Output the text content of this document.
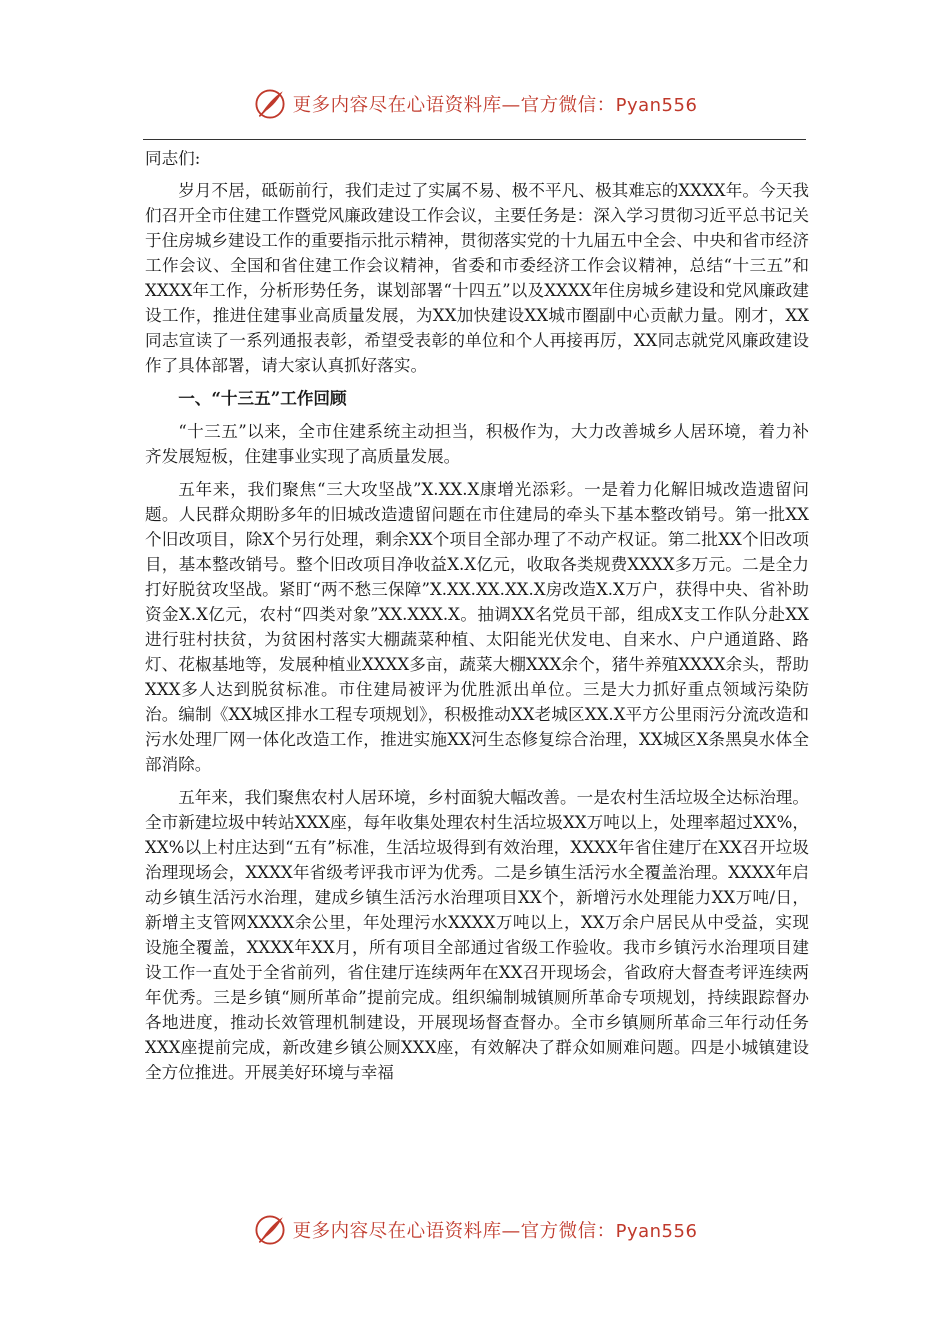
更多内容尽在心语资料库—官方微信：Pyan556

同志们:

岁月不居，砥砺前行，我们走过了实属不易、极不平凡、极其难忘的XXXX年。今天我们召开全市住建工作暨党风廉政建设工作会议，主要任务是：深入学习贯彻习近平总书记关于住房城乡建设工作的重要指示批示精神，贯彻落实党的十九届五中全会、中央和省市经济工作会议、全国和省住建工作会议精神，省委和市委经济工作会议精神，总结“十三五”和XXXX年工作，分析形势任务，谋划部署“十四五”以及XXXX年住房城乡建设和党风廉政建设工作，推进住建事业高质量发展，为XX加快建设XX城市圈副中心贡献力量。刚才，XX同志宣读了一系列通报表彰，希望受表彰的单位和个人再接再厉，XX同志就党风廉政建设作了具体部署，请大家认真抓好落实。

一、“十三五”工作回顾

“十三五”以来，全市住建系统主动担当，积极作为，大力改善城乡人居环境，着力补齐发展短板，住建事业实现了高质量发展。

五年来，我们聚焦“三大攻坚战”X.XX.X康增光添彩。一是着力化解旧城改造遗留问题。人民群众期盼多年的旧城改造遗留问题在市住建局的牵头下基本整改销号。第一批XX个旧改项目，除X个另行处理，剩余XX个项目全部办理了不动产权证。第二批XX个旧改项目，基本整改销号。整个旧改项目净收益X.X亿元，收取各类规费XXXX多万元。二是全力打好脱贫攻坚战。紧盯“两不愁三保障”X.XX.XX.XX.X房改造X.X万户，获得中央、省补助资金X.X亿元，农村“四类对象”XX.XXX.X。抽调XX名党员干部，组成X支工作队分赴XX进行驻村扶贫，为贫困村落实大棚蔬菜种植、太阳能光伏发电、自来水、户户通道路、路灯、花椒基地等，发展种植业XXXX多亩，蔬菜大棚XXX余个，猪牛养殖XXXX余头，帮助XXX多人达到脱贫标准。市住建局被评为优胜派出单位。三是大力抓好重点领域污染防治。编制《XX城区排水工程专项规划》，积极推动XX老城区XX.X平方公里雨污分流改造和污水处理厂网一体化改造工作，推进实施XX河生态修复综合治理，XX城区X条黑臭水体全部消除。

五年来，我们聚焦农村人居环境，乡村面貌大幅改善。一是农村生活垃圾全达标治理。全市新建垃圾中转站XXX座，每年收集处理农村生活垃圾XX万吨以上，处理率超过XX%，XX%以上村庄达到“五有”标准，生活垃圾得到有效治理，XXXX年省住建厅在XX召开垃圾治理现场会，XXXX年省级考评我市评为优秀。二是乡镇生活污水全覆盖治理。XXXX年启动乡镇生活污水治理，建成乡镇生活污水治理项目XX个，新增污水处理能力XX万吨/日，新增主支管网XXXX余公里，年处理污水XXXX万吨以上，XX万余户居民从中受益，实现设施全覆盖，XXXX年XX月，所有项目全部通过省级工作验收。我市乡镇污水治理项目建设工作一直处于全省前列，省住建厅连续两年在XX召开现场会，省政府大督查考评连续两年优秀。三是乡镇“厕所革命”提前完成。组织编制城镇厕所革命专项规划，持续跟踪督办各地进度，推动长效管理机制建设，开展现场督查督办。全市乡镇厕所革命三年行动任务XXX座提前完成，新改建乡镇公厕XXX座，有效解决了群众如厕难问题。四是小城镇建设全方位推进。开展美好环境与幸福

更多内容尽在心语资料库—官方微信：Pyan556
